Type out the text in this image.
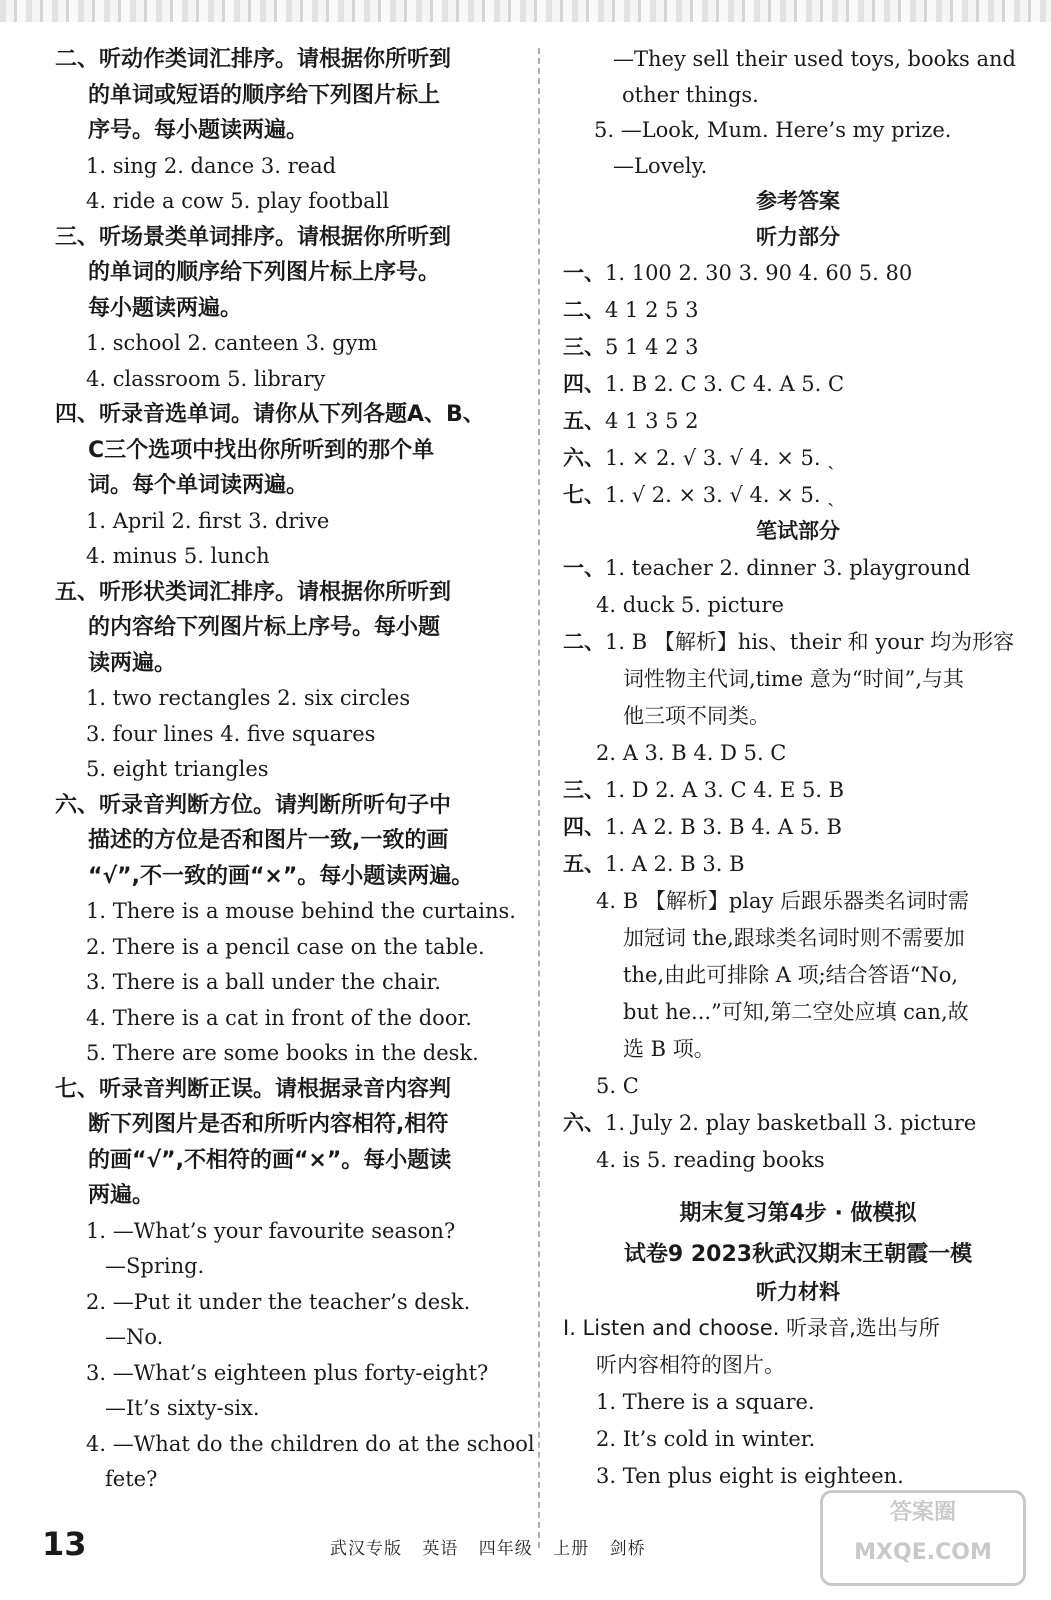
二、听动作类词汇排序。请根据你所听到
的单词或短语的顺序给下列图片标上
序号。每小题读两遍。
1. sing 2. dance 3. read
4. ride a cow 5. play football
三、听场景类单词排序。请根据你所听到
的单词的顺序给下列图片标上序号。
每小题读两遍。
1. school 2. canteen 3. gym
4. classroom 5. library
四、听录音选单词。请你从下列各题A、B、
C三个选项中找出你所听到的那个单
词。每个单词读两遍。
1. April 2. first 3. drive
4. minus 5. lunch
五、听形状类词汇排序。请根据你所听到
的内容给下列图片标上序号。每小题
读两遍。
1. two rectangles 2. six circles
3. four lines 4. five squares
5. eight triangles
六、听录音判断方位。请判断所听句子中
描述的方位是否和图片一致,一致的画
“√”,不一致的画“×”。每小题读两遍。
1. There is a mouse behind the curtains.
2. There is a pencil case on the table.
3. There is a ball under the chair.
4. There is a cat in front of the door.
5. There are some books in the desk.
七、听录音判断正误。请根据录音内容判
断下列图片是否和所听内容相符,相符
的画“√”,不相符的画“×”。每小题读
两遍。
1. —What’s your favourite season?
—Spring.
2. —Put it under the teacher’s desk.
—No.
3. —What’s eighteen plus forty-eight?
—It’s sixty-six.
4. —What do the children do at the school
fete?
—They sell their used toys, books and
other things.
5. —Look, Mum. Here’s my prize.
—Lovely.
参考答案
听力部分
一、1. 100 2. 30 3. 90 4. 60 5. 80
二、4 1 2 5 3
三、5 1 4 2 3
四、1. B 2. C 3. C 4. A 5. C
五、4 1 3 5 2
六、1. × 2. √ 3. √ 4. × 5. ˎ
七、1. √ 2. × 3. √ 4. × 5. ˎ
笔试部分
一、1. teacher 2. dinner 3. playground
4. duck 5. picture
二、1. B 【解析】his、their 和 your 均为形容
词性物主代词,time 意为“时间”,与其
他三项不同类。
2. A 3. B 4. D 5. C
三、1. D 2. A 3. C 4. E 5. B
四、1. A 2. B 3. B 4. A 5. B
五、1. A 2. B 3. B
4. B 【解析】play 后跟乐器类名词时需
加冠词 the,跟球类名词时则不需要加
the,由此可排除 A 项;结合答语“No,
but he...”可知,第二空处应填 can,故
选 B 项。
5. C
六、1. July 2. play basketball 3. picture
4. is 5. reading books
期末复习第4步 · 做模拟
试卷9 2023秋武汉期末王朝霞一模
听力材料
Ⅰ. Listen and choose. 听录音,选出与所
听内容相符的图片。
1. There is a square.
2. It’s cold in winter.
3. Ten plus eight is eighteen.
13	武汉专版 英语 四年级 上册 剑桥
答案圈
MXQE.COM
